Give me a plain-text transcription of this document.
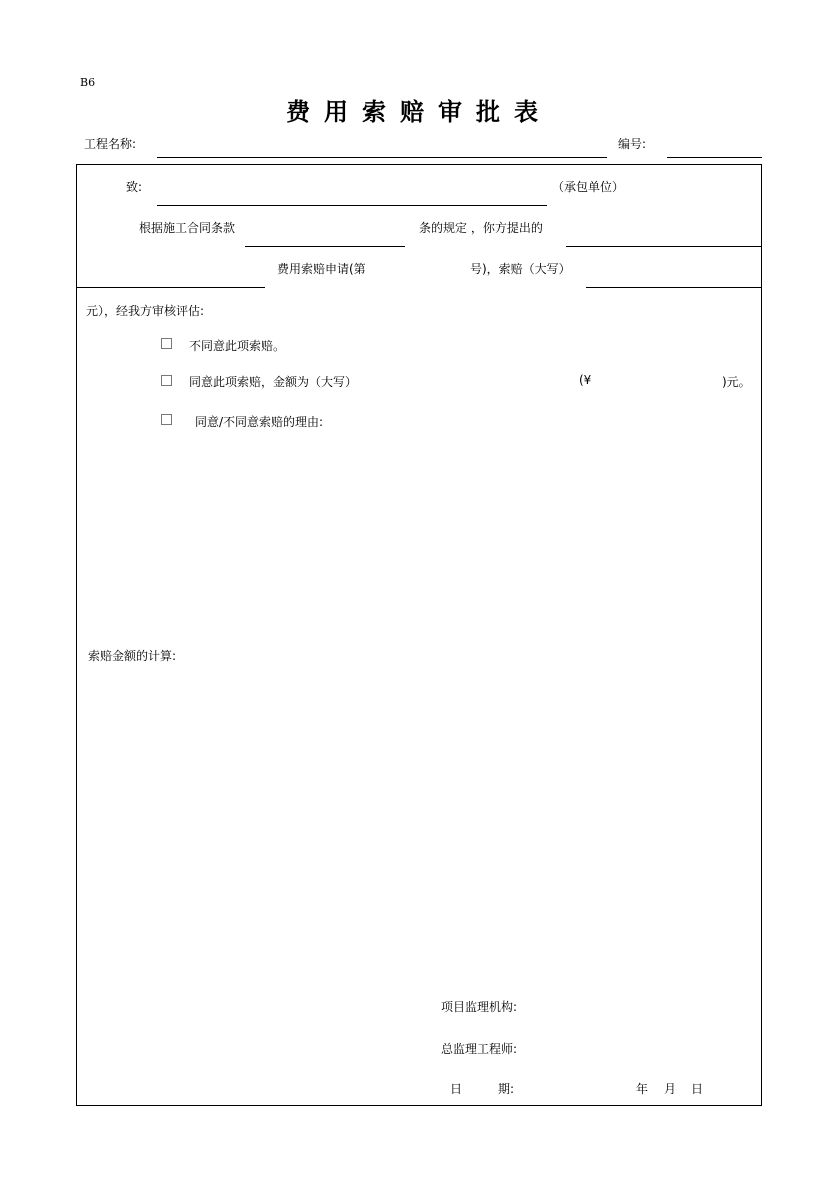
B6
费用索赔审批表
工程名称:	编号:
致:	（承包单位）
根据施工合同条款	条的规定 ，你方提出的
费用索赔申请(第	号)，索赔（大写）
元），经我方审核评估:
不同意此项索赔。
同意此项索赔，金额为（大写）	(¥	)元。
同意/不同意索赔的理由:
索赔金额的计算:
项目监理机构:
总监理工程师:
日	期:	年 月 日
